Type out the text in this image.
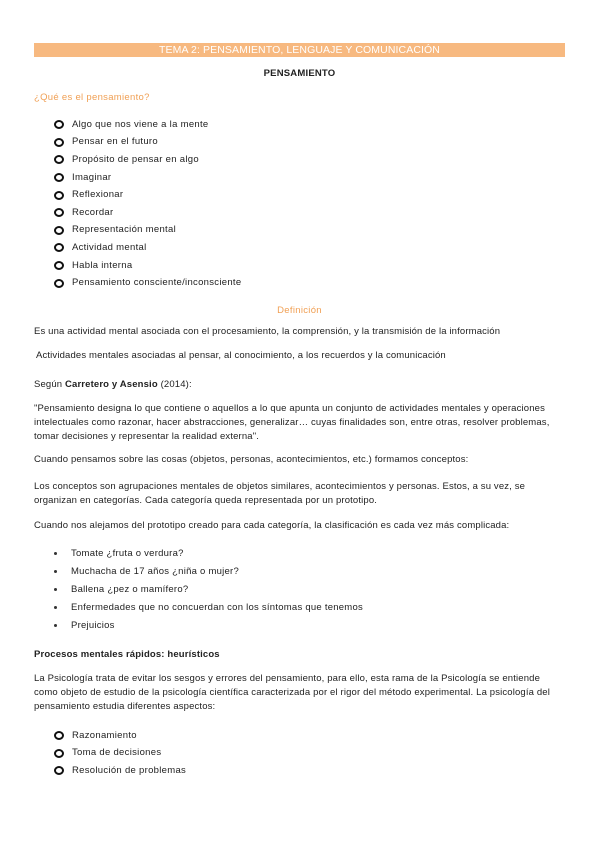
TEMA 2: PENSAMIENTO, LENGUAJE Y COMUNICACIÓN
PENSAMIENTO
¿Qué es el pensamiento?
Algo que nos viene a la mente
Pensar en el futuro
Propósito de pensar en algo
Imaginar
Reflexionar
Recordar
Representación mental
Actividad mental
Habla interna
Pensamiento consciente/inconsciente
Definición
Es una actividad mental asociada con el procesamiento, la comprensión, y la transmisión de la información
Actividades mentales asociadas al pensar, al conocimiento, a los recuerdos y la comunicación
Según Carretero y Asensio (2014):
"Pensamiento designa lo que contiene o aquellos a lo que apunta un conjunto de actividades mentales y operaciones intelectuales como razonar, hacer abstracciones, generalizar… cuyas finalidades son, entre otras, resolver problemas, tomar decisiones y representar la realidad externa".
Cuando pensamos sobre las cosas (objetos, personas, acontecimientos, etc.) formamos conceptos:
Los conceptos son agrupaciones mentales de objetos similares, acontecimientos y personas. Estos, a su vez, se organizan en categorías. Cada categoría queda representada por un prototipo.
Cuando nos alejamos del prototipo creado para cada categoría, la clasificación es cada vez más complicada:
Tomate ¿fruta o verdura?
Muchacha de 17 años ¿niña o mujer?
Ballena ¿pez o mamífero?
Enfermedades que no concuerdan con los síntomas que tenemos
Prejuicios
Procesos mentales rápidos: heurísticos
La Psicología trata de evitar los sesgos y errores del pensamiento, para ello, esta rama de la Psicología se entiende como objeto de estudio de la psicología científica caracterizada por el rigor del método experimental. La psicología del pensamiento estudia diferentes aspectos:
Razonamiento
Toma de decisiones
Resolución de problemas
